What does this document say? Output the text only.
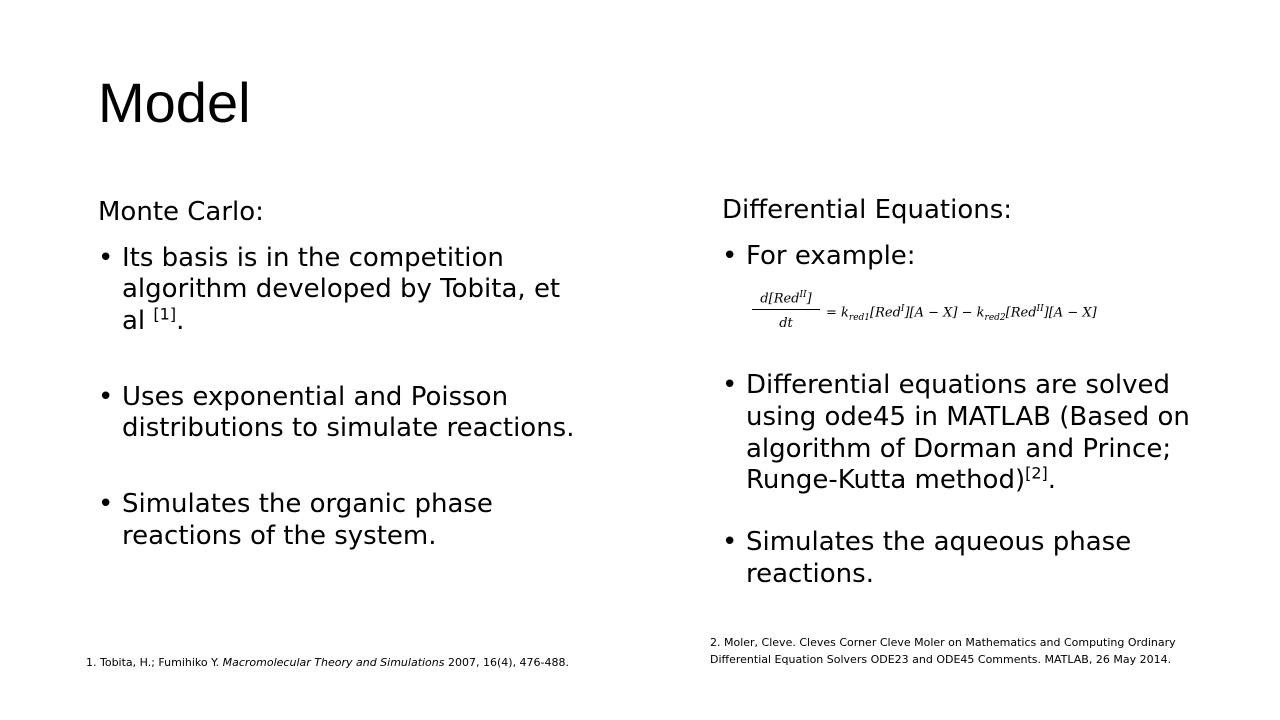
Model

Monte Carlo:

• Its basis is in the competition algorithm developed by Tobita, et al [1].
• Uses exponential and Poisson distributions to simulate reactions.
• Simulates the organic phase reactions of the system.

Differential Equations:

• For example:
d[Red$^{II}$]
dt
= $k_{red1}[Red^I][A - X] - k_{red2}[Red^{II}][A - X]$
• Differential equations are solved using ode45 in MATLAB (Based on algorithm of Dorman and Prince; Runge-Kutta method)[2].
• Simulates the aqueous phase reactions.

1. Tobita, H.; Fumihiko Y. Macromolecular Theory and Simulations 2007, 16(4), 476-488.

2. Moler, Cleve. Cleves Corner Cleve Moler on Mathematics and Computing Ordinary Differential Equation Solvers ODE23 and ODE45 Comments. MATLAB, 26 May 2014.
